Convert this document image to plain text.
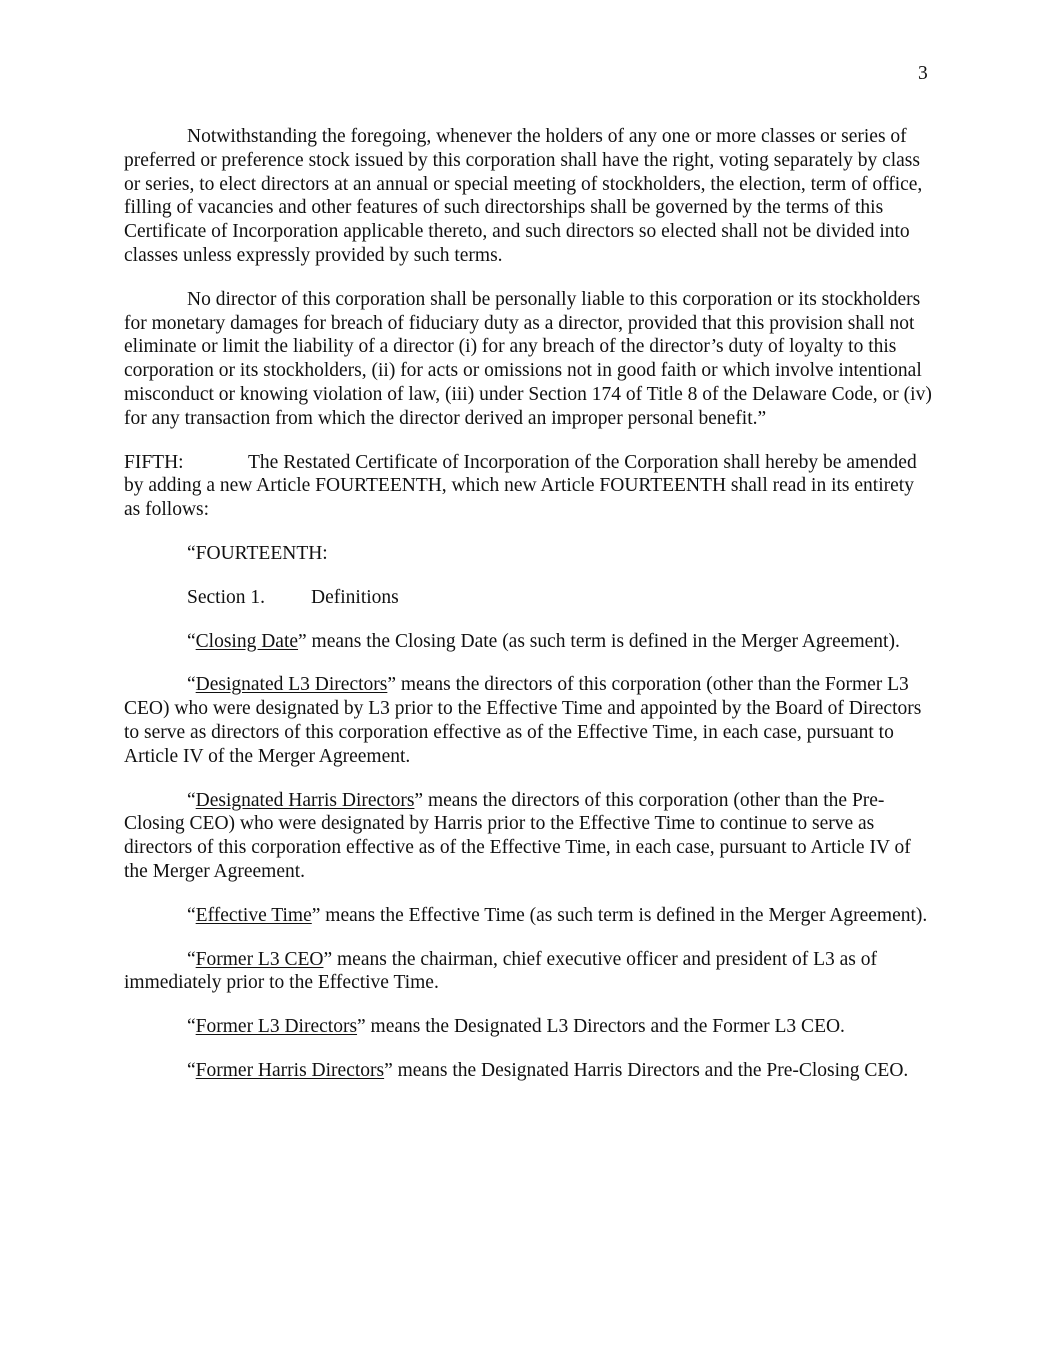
3

Notwithstanding the foregoing, whenever the holders of any one or more classes or series of preferred or preference stock issued by this corporation shall have the right, voting separately by class or series, to elect directors at an annual or special meeting of stockholders, the election, term of office, filling of vacancies and other features of such directorships shall be governed by the terms of this Certificate of Incorporation applicable thereto, and such directors so elected shall not be divided into classes unless expressly provided by such terms.

No director of this corporation shall be personally liable to this corporation or its stockholders for monetary damages for breach of fiduciary duty as a director, provided that this provision shall not eliminate or limit the liability of a director (i) for any breach of the director’s duty of loyalty to this corporation or its stockholders, (ii) for acts or omissions not in good faith or which involve intentional misconduct or knowing violation of law, (iii) under Section 174 of Title 8 of the Delaware Code, or (iv) for any transaction from which the director derived an improper personal benefit.”

FIFTH:	The Restated Certificate of Incorporation of the Corporation shall hereby be amended by adding a new Article FOURTEENTH, which new Article FOURTEENTH shall read in its entirety as follows:

“FOURTEENTH:

Section 1. Definitions

“Closing Date” means the Closing Date (as such term is defined in the Merger Agreement).

“Designated L3 Directors” means the directors of this corporation (other than the Former L3 CEO) who were designated by L3 prior to the Effective Time and appointed by the Board of Directors to serve as directors of this corporation effective as of the Effective Time, in each case, pursuant to Article IV of the Merger Agreement.

“Designated Harris Directors” means the directors of this corporation (other than the Pre-Closing CEO) who were designated by Harris prior to the Effective Time to continue to serve as directors of this corporation effective as of the Effective Time, in each case, pursuant to Article IV of the Merger Agreement.

“Effective Time” means the Effective Time (as such term is defined in the Merger Agreement).

“Former L3 CEO” means the chairman, chief executive officer and president of L3 as of immediately prior to the Effective Time.

“Former L3 Directors” means the Designated L3 Directors and the Former L3 CEO.

“Former Harris Directors” means the Designated Harris Directors and the Pre-Closing CEO.
